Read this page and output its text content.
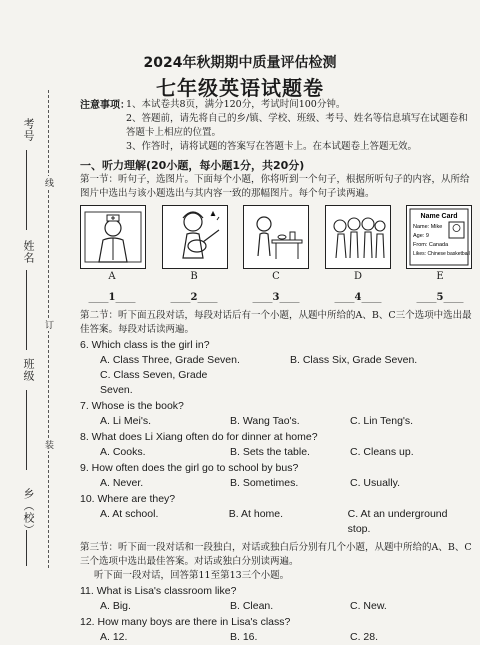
考号
姓名
班级
乡（校）
线
订
装
2024年秋期期中质量评估检测
七年级英语试题卷
注意事项：
1、本试卷共8页，满分120分，考试时间100分钟。
2、答题前，请先将自己的乡/镇、学校、班级、考号、姓名等信息填写在试题卷和答题卡上相应的位置。
3、作答时，请将试题的答案写在答题卡上。在本试题卷上答题无效。
一、听力理解(20小题，每小题1分，共20分)
第一节：听句子，选图片。下面每个小题，你将听到一个句子，根据所听句子的内容，从所给图片中选出与该小题选出与其内容一致的那幅图片。每个句子读两遍。
Name Card
Name: Mike
Age: 9
From: Canada
Likes: Chinese basketball
A	B	C	D	E
____1____	____2____	____3____	____4____	____5____
第二节：听下面五段对话，每段对话后有一个小题，从题中所给的A、B、C三个选项中选出最佳答案。每段对话读两遍。
6. Which class is the girl in?
A. Class Three, Grade Seven.	B. Class Six, Grade Seven.
C. Class Seven, Grade Seven.
7. Whose is the book?
A. Li Mei's.	B. Wang Tao's.	C. Lin Teng's.
8. What does Li Xiang often do for dinner at home?
A. Cooks.	B. Sets the table.	C. Cleans up.
9. How often does the girl go to school by bus?
A. Never.	B. Sometimes.	C. Usually.
10. Where are they?
A. At school.	B. At home.	C. At an underground stop.
第三节：听下面一段对话和一段独白，对话或独白后分别有几个小题，从题中所给的A、B、C三个选项中选出最佳答案。对话或独白分别读两遍。
听下面一段对话，回答第11至第13三个小题。
11. What is Lisa's classroom like?
A. Big.	B. Clean.	C. New.
12. How many boys are there in Lisa's class?
A. 12.	B. 16.	C. 28.
